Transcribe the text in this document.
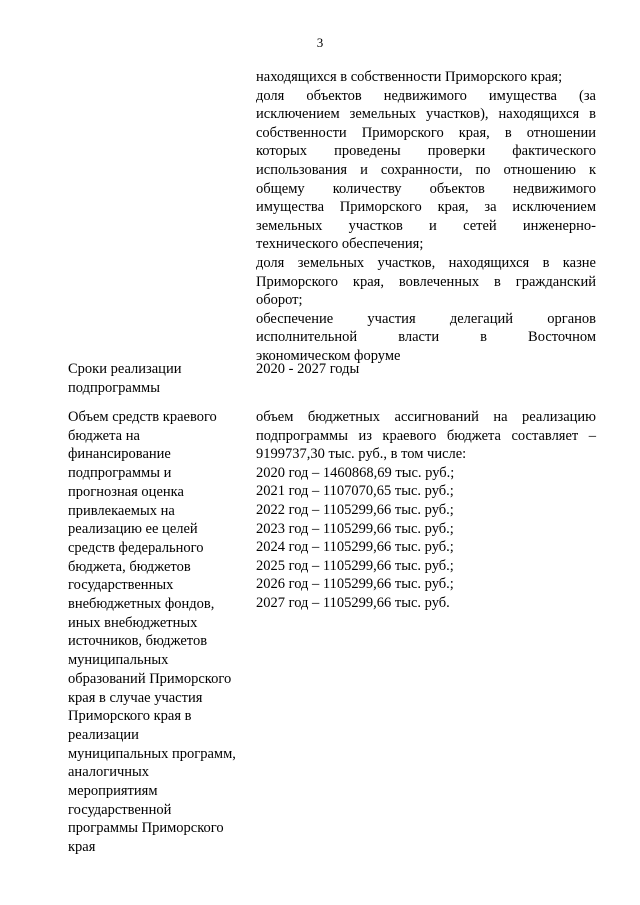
3
находящихся в собственности Приморского края;
доля объектов недвижимого имущества (за
исключением земельных участков), находящихся в
собственности Приморского края, в отношении
которых проведены проверки фактического
использования и сохранности, по отношению к
общему количеству объектов недвижимого
имущества Приморского края, за исключением
земельных участков и сетей инженерно-
технического обеспечения;
доля земельных участков, находящихся в казне
Приморского края, вовлеченных в гражданский
оборот;
обеспечение участия делегаций органов
исполнительной власти в Восточном
экономическом форуме
Сроки реализации
подпрограммы
2020 - 2027 годы
Объем средств краевого
бюджета на
финансирование
подпрограммы и
прогнозная оценка
привлекаемых на
реализацию ее целей
средств федерального
бюджета, бюджетов
государственных
внебюджетных фондов,
иных внебюджетных
источников, бюджетов
муниципальных
образований Приморского
края в случае участия
Приморского края в
реализации
муниципальных программ,
аналогичных
мероприятиям
государственной
программы Приморского
края
объем бюджетных ассигнований на реализацию
подпрограммы из краевого бюджета составляет –
9199737,30 тыс. руб., в том числе:
2020 год – 1460868,69 тыс. руб.;
2021 год – 1107070,65 тыс. руб.;
2022 год – 1105299,66 тыс. руб.;
2023 год – 1105299,66 тыс. руб.;
2024 год – 1105299,66 тыс. руб.;
2025 год – 1105299,66 тыс. руб.;
2026 год – 1105299,66 тыс. руб.;
2027 год – 1105299,66 тыс. руб.
